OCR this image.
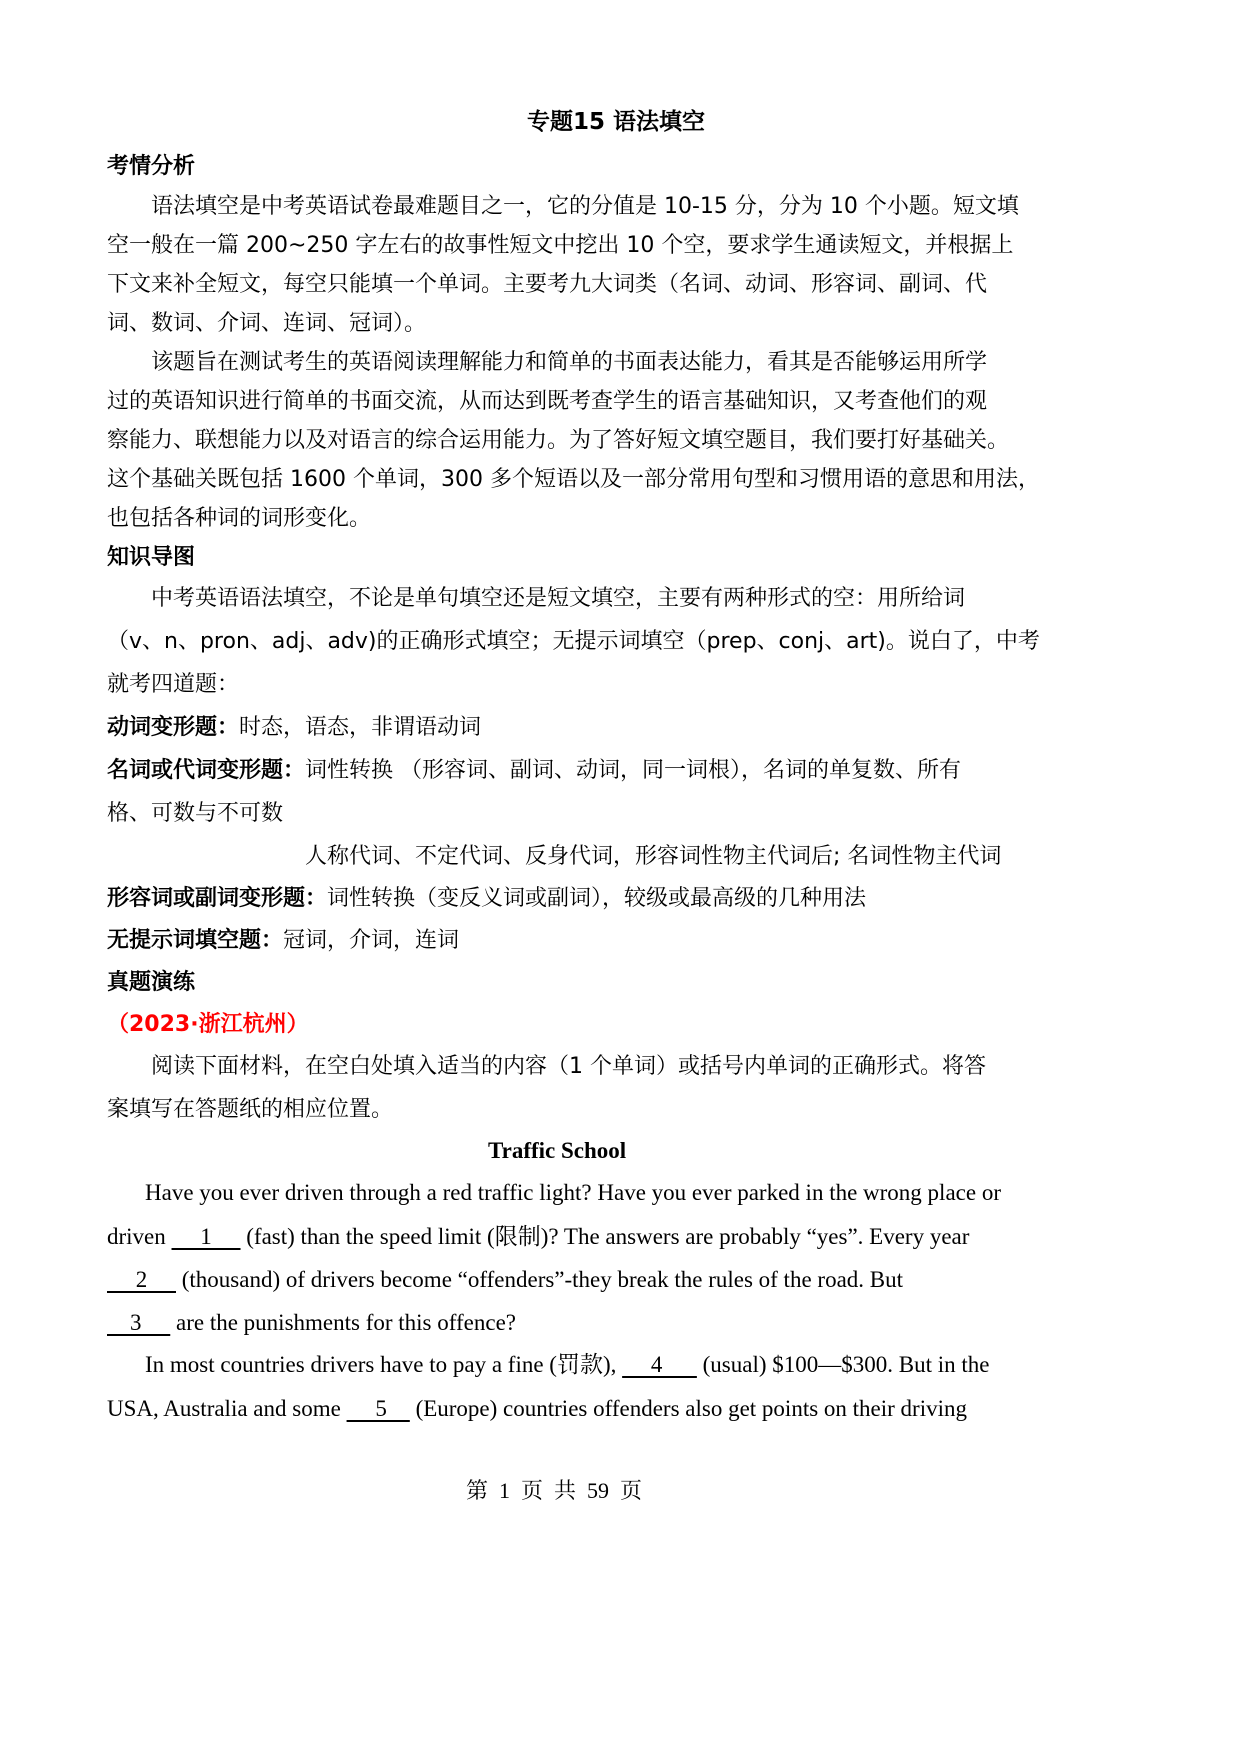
专题15 语法填空
考情分析
语法填空是中考英语试卷最难题目之一，它的分值是 10-15 分，分为 10 个小题。短文填
空一般在一篇 200~250 字左右的故事性短文中挖出 10 个空，要求学生通读短文，并根据上
下文来补全短文，每空只能填一个单词。主要考九大词类（名词、动词、形容词、副词、代
词、数词、介词、连词、冠词）。
该题旨在测试考生的英语阅读理解能力和简单的书面表达能力，看其是否能够运用所学
过的英语知识进行简单的书面交流，从而达到既考查学生的语言基础知识，又考查他们的观
察能力、联想能力以及对语言的综合运用能力。为了答好短文填空题目，我们要打好基础关。
这个基础关既包括 1600 个单词，300 多个短语以及一部分常用句型和习惯用语的意思和用法，
也包括各种词的词形变化。
知识导图
中考英语语法填空，不论是单句填空还是短文填空，主要有两种形式的空：用所给词
（v、n、pron、adj、adv)的正确形式填空；无提示词填空（prep、conj、art)。说白了，中考
就考四道题：
动词变形题：时态，语态，非谓语动词
名词或代词变形题：词性转换 （形容词、副词、动词，同一词根），名词的单复数、所有
格、可数与不可数
人称代词、不定代词、反身代词，形容词性物主代词后; 名词性物主代词
形容词或副词变形题：词性转换（变反义词或副词），较级或最高级的几种用法
无提示词填空题：冠词，介词，连词
真题演练
（2023·浙江杭州）
阅读下面材料，在空白处填入适当的内容（1 个单词）或括号内单词的正确形式。将答
案填写在答题纸的相应位置。
Traffic School
Have you ever driven through a red traffic light? Have you ever parked in the wrong place or
driven      1      (fast) than the speed limit (限制)? The answers are probably “yes”. Every year
2      (thousand) of drivers become “offenders”-they break the rules of the road. But
3      are the punishments for this offence?
In most countries drivers have to pay a fine (罚款),      4       (usual) $100—$300. But in the
USA, Australia and some      5     (Europe) countries offenders also get points on their driving
第  1  页  共  59  页
